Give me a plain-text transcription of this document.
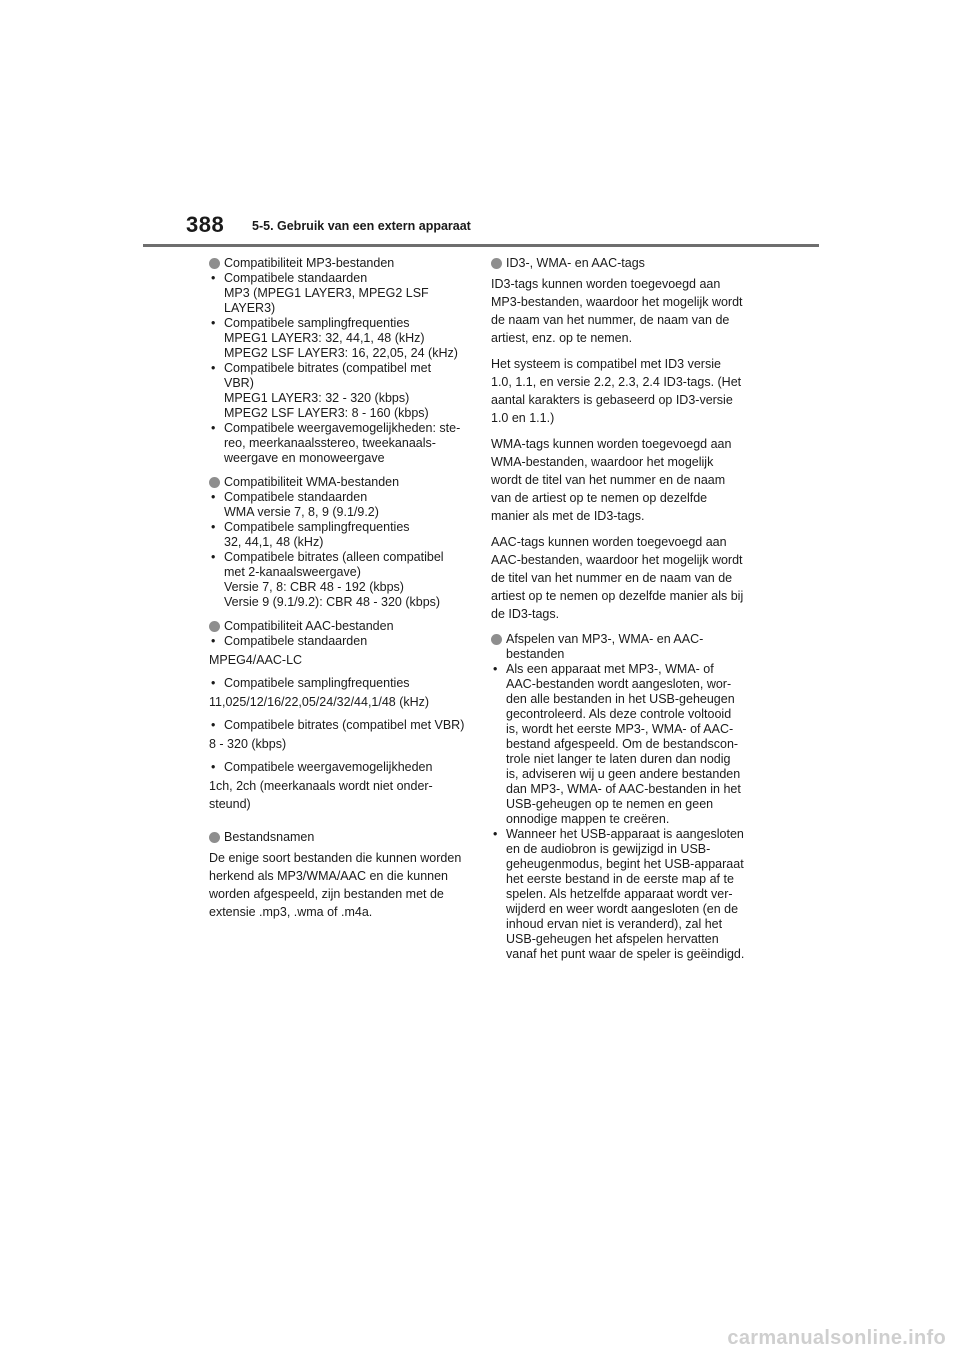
388 5-5. Gebruik van een extern apparaat
Compatibiliteit MP3-bestanden
• Compatibele standaarden
MP3 (MPEG1 LAYER3, MPEG2 LSF
LAYER3)
• Compatibele samplingfrequenties
MPEG1 LAYER3: 32, 44,1, 48 (kHz)
MPEG2 LSF LAYER3: 16, 22,05, 24 (kHz)
• Compatibele bitrates (compatibel met
VBR)
MPEG1 LAYER3: 32 - 320 (kbps)
MPEG2 LSF LAYER3: 8 - 160 (kbps)
• Compatibele weergavemogelijkheden: ste-
reo, meerkanaalsstereo, tweekanaals-
weergave en monoweergave
Compatibiliteit WMA-bestanden
• Compatibele standaarden
WMA versie 7, 8, 9 (9.1/9.2)
• Compatibele samplingfrequenties
32, 44,1, 48 (kHz)
• Compatibele bitrates (alleen compatibel
met 2-kanaalsweergave)
Versie 7, 8: CBR 48 - 192 (kbps)
Versie 9 (9.1/9.2): CBR 48 - 320 (kbps)
Compatibiliteit AAC-bestanden
• Compatibele standaarden
MPEG4/AAC-LC
• Compatibele samplingfrequenties
11,025/12/16/22,05/24/32/44,1/48 (kHz)
• Compatibele bitrates (compatibel met VBR)
8 - 320 (kbps)
• Compatibele weergavemogelijkheden
1ch, 2ch (meerkanaals wordt niet onder-
steund)
Bestandsnamen
De enige soort bestanden die kunnen worden
herkend als MP3/WMA/AAC en die kunnen
worden afgespeeld, zijn bestanden met de
extensie .mp3, .wma of .m4a.
ID3-, WMA- en AAC-tags
ID3-tags kunnen worden toegevoegd aan
MP3-bestanden, waardoor het mogelijk wordt
de naam van het nummer, de naam van de
artiest, enz. op te nemen.
Het systeem is compatibel met ID3 versie
1.0, 1.1, en versie 2.2, 2.3, 2.4 ID3-tags. (Het
aantal karakters is gebaseerd op ID3-versie
1.0 en 1.1.)
WMA-tags kunnen worden toegevoegd aan
WMA-bestanden, waardoor het mogelijk
wordt de titel van het nummer en de naam
van de artiest op te nemen op dezelfde
manier als met de ID3-tags.
AAC-tags kunnen worden toegevoegd aan
AAC-bestanden, waardoor het mogelijk wordt
de titel van het nummer en de naam van de
artiest op te nemen op dezelfde manier als bij
de ID3-tags.
Afspelen van MP3-, WMA- en AAC-
bestanden
• Als een apparaat met MP3-, WMA- of
AAC-bestanden wordt aangesloten, wor-
den alle bestanden in het USB-geheugen
gecontroleerd. Als deze controle voltooid
is, wordt het eerste MP3-, WMA- of AAC-
bestand afgespeeld. Om de bestandscon-
trole niet langer te laten duren dan nodig
is, adviseren wij u geen andere bestanden
dan MP3-, WMA- of AAC-bestanden in het
USB-geheugen op te nemen en geen
onnodige mappen te creëren.
• Wanneer het USB-apparaat is aangesloten
en de audiobron is gewijzigd in USB-
geheugenmodus, begint het USB-apparaat
het eerste bestand in de eerste map af te
spelen. Als hetzelfde apparaat wordt ver-
wijderd en weer wordt aangesloten (en de
inhoud ervan niet is veranderd), zal het
USB-geheugen het afspelen hervatten
vanaf het punt waar de speler is geëindigd.
carmanualsonline.info
